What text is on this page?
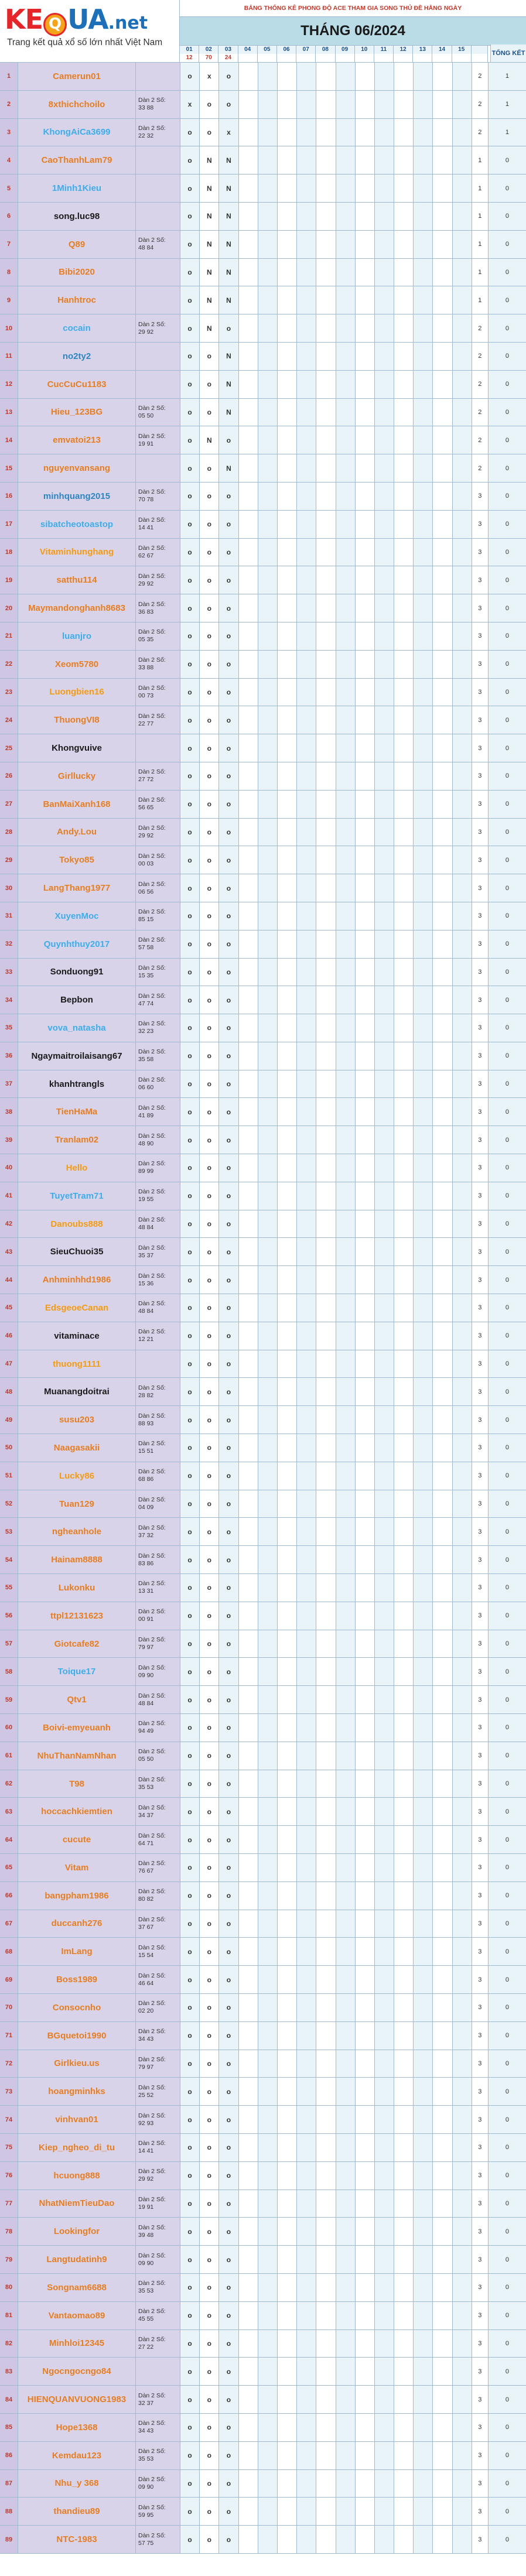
KE Q UA .net
Trang kết quả xổ số lớn nhất Việt Nam
BẢNG THỐNG KÊ PHONG ĐỘ ACE THAM GIA SONG THỦ ĐỀ HẰNG NGÀY
THÁNG 06/2024
01	02	03	04	05	06	07	08	09	10	11	12	13	14	15
12	70	24
TỔNG KẾT
1	Camerun01	o	x	o	2	1
2	8xthichchoilo	Dàn 2 Số:
33 88	x	o	o	2	1
3	KhongAiCa3699	Dàn 2 Số:
22 32	o	o	x	2	1
4	CaoThanhLam79	o	N	N	1	0
5	1Minh1Kieu	o	N	N	1	0
6	song.luc98	o	N	N	1	0
7	Q89	Dàn 2 Số:
48 84	o	N	N	1	0
8	Bibi2020	o	N	N	1	0
9	Hanhtroc	o	N	N	1	0
10	cocain	Dàn 2 Số:
29 92	o	N	o	2	0
11	no2ty2	o	o	N	2	0
12	CucCuCu1183	o	o	N	2	0
13	Hieu_123BG	Dàn 2 Số:
05 50	o	o	N	2	0
14	emvatoi213	Dàn 2 Số:
19 91	o	N	o	2	0
15	nguyenvansang	o	o	N	2	0
16	minhquang2015	Dàn 2 Số:
70 78	o	o	o	3	0
17	sibatcheotoastop	Dàn 2 Số:
14 41	o	o	o	3	0
18	Vitaminhunghang	Dàn 2 Số:
62 67	o	o	o	3	0
19	satthu114	Dàn 2 Số:
29 92	o	o	o	3	0
20	Maymandonghanh8683	Dàn 2 Số:
36 83	o	o	o	3	0
21	luanjro	Dàn 2 Số:
05 35	o	o	o	3	0
22	Xeom5780	Dàn 2 Số:
33 88	o	o	o	3	0
23	Luongbien16	Dàn 2 Số:
00 73	o	o	o	3	0
24	ThuongVI8	Dàn 2 Số:
22 77	o	o	o	3	0
25	Khongvuive	o	o	o	3	0
26	Girllucky	Dàn 2 Số:
27 72	o	o	o	3	0
27	BanMaiXanh168	Dàn 2 Số:
56 65	o	o	o	3	0
28	Andy.Lou	Dàn 2 Số:
29 92	o	o	o	3	0
29	Tokyo85	Dàn 2 Số:
00 03	o	o	o	3	0
30	LangThang1977	Dàn 2 Số:
06 56	o	o	o	3	0
31	XuyenMoc	Dàn 2 Số:
85 15	o	o	o	3	0
32	Quynhthuy2017	Dàn 2 Số:
57 58	o	o	o	3	0
33	Sonduong91	Dàn 2 Số:
15 35	o	o	o	3	0
34	Bepbon	Dàn 2 Số:
47 74	o	o	o	3	0
35	vova_natasha	Dàn 2 Số:
32 23	o	o	o	3	0
36	Ngaymaitroilaisang67	Dàn 2 Số:
35 58	o	o	o	3	0
37	khanhtrangls	Dàn 2 Số:
06 60	o	o	o	3	0
38	TienHaMa	Dàn 2 Số:
41 89	o	o	o	3	0
39	Tranlam02	Dàn 2 Số:
48 90	o	o	o	3	0
40	Hello	Dàn 2 Số:
89 99	o	o	o	3	0
41	TuyetTram71	Dàn 2 Số:
19 55	o	o	o	3	0
42	Danoubs888	Dàn 2 Số:
48 84	o	o	o	3	0
43	SieuChuoi35	Dàn 2 Số:
35 37	o	o	o	3	0
44	Anhminhhd1986	Dàn 2 Số:
15 36	o	o	o	3	0
45	EdsgeoeCanan	Dàn 2 Số:
48 84	o	o	o	3	0
46	vitaminace	Dàn 2 Số:
12 21	o	o	o	3	0
47	thuong1111	o	o	o	3	0
48	Muanangdoitrai	Dàn 2 Số:
28 82	o	o	o	3	0
49	susu203	Dàn 2 Số:
88 93	o	o	o	3	0
50	Naagasakii	Dàn 2 Số:
15 51	o	o	o	3	0
51	Lucky86	Dàn 2 Số:
68 86	o	o	o	3	0
52	Tuan129	Dàn 2 Số:
04 09	o	o	o	3	0
53	ngheanhole	Dàn 2 Số:
37 32	o	o	o	3	0
54	Hainam8888	Dàn 2 Số:
83 86	o	o	o	3	0
55	Lukonku	Dàn 2 Số:
13 31	o	o	o	3	0
56	ttpl12131623	Dàn 2 Số:
00 91	o	o	o	3	0
57	Giotcafe82	Dàn 2 Số:
79 97	o	o	o	3	0
58	Toique17	Dàn 2 Số:
09 90	o	o	o	3	0
59	Qtv1	Dàn 2 Số:
48 84	o	o	o	3	0
60	Boivi-emyeuanh	Dàn 2 Số:
94 49	o	o	o	3	0
61	NhuThanNamNhan	Dàn 2 Số:
05 50	o	o	o	3	0
62	T98	Dàn 2 Số:
35 53	o	o	o	3	0
63	hoccachkiemtien	Dàn 2 Số:
34 37	o	o	o	3	0
64	cucute	Dàn 2 Số:
64 71	o	o	o	3	0
65	Vitam	Dàn 2 Số:
76 67	o	o	o	3	0
66	bangpham1986	Dàn 2 Số:
80 82	o	o	o	3	0
67	duccanh276	Dàn 2 Số:
37 67	o	o	o	3	0
68	ImLang	Dàn 2 Số:
15 54	o	o	o	3	0
69	Boss1989	Dàn 2 Số:
46 64	o	o	o	3	0
70	Consocnho	Dàn 2 Số:
02 20	o	o	o	3	0
71	BGquetoi1990	Dàn 2 Số:
34 43	o	o	o	3	0
72	Girlkieu.us	Dàn 2 Số:
79 97	o	o	o	3	0
73	hoangminhks	Dàn 2 Số:
25 52	o	o	o	3	0
74	vinhvan01	Dàn 2 Số:
92 93	o	o	o	3	0
75	Kiep_ngheo_di_tu	Dàn 2 Số:
14 41	o	o	o	3	0
76	hcuong888	Dàn 2 Số:
29 92	o	o	o	3	0
77	NhatNiemTieuDao	Dàn 2 Số:
19 91	o	o	o	3	0
78	Lookingfor	Dàn 2 Số:
39 48	o	o	o	3	0
79	Langtudatinh9	Dàn 2 Số:
09 90	o	o	o	3	0
80	Songnam6688	Dàn 2 Số:
35 53	o	o	o	3	0
81	Vantaomao89	Dàn 2 Số:
45 55	o	o	o	3	0
82	Minhloi12345	Dàn 2 Số:
27 22	o	o	o	3	0
83	Ngocngocngo84	o	o	o	3	0
84	HIENQUANVUONG1983	Dàn 2 Số:
32 37	o	o	o	3	0
85	Hope1368	Dàn 2 Số:
34 43	o	o	o	3	0
86	Kemdau123	Dàn 2 Số:
35 53	o	o	o	3	0
87	Nhu_y 368	Dàn 2 Số:
09 90	o	o	o	3	0
88	thandieu89	Dàn 2 Số:
59 95	o	o	o	3	0
89	NTC-1983	Dàn 2 Số:
57 75	o	o	o	3	0
